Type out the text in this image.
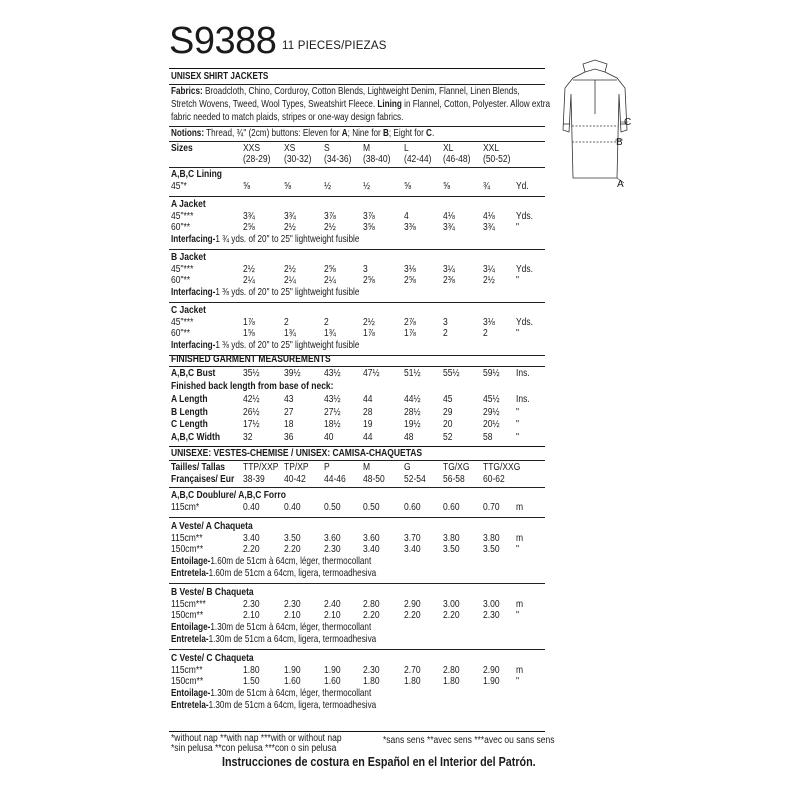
S9388 11 PIECES/PIEZAS
UNISEX SHIRT JACKETS
Fabrics: Broadcloth, Chino, Corduroy, Cotton Blends, Lightweight Denim, Flannel, Linen Blends,
Stretch Wovens, Tweed, Wool Types, Sweatshirt Fleece. Lining in Flannel, Cotton, Polyester. Allow extra
fabric needed to match plaids, stripes or one-way design fabrics.
Notions: Thread, ¾" (2cm) buttons: Eleven for A; Nine for B; Eight for C.
Sizes	XXS XS	S	M	L	XL	XXL
(28-29) (30-32) (34-36) (38-40) (42-44) (46-48) (50-52)
A,B,C Lining
45"*	⅝	⅝	½	½	⅝	⅝	¾	Yd.
A Jacket
45"***	3¾	3¾	3⅞	3⅞	4	4⅛	4⅛ Yds.
60"**	2⅝	2½	2½	3⅝	3⅜	3¾	3¾ "
Interfacing-1 ¾ yds. of 20" to 25" lightweight fusible
B Jacket
45"***	2½	2½	2⅝	3	3⅛	3¼	3¼ Yds.
60"**	2¼	2¼	2¼	2⅝	2⅝	2⅜	2½ "
Interfacing-1 ⅜ yds. of 20" to 25" lightweight fusible
C Jacket
45"***	1⅞	2	2	2½	2⅞	3	3⅛ Yds.
60"**	1⅝	1¾	1¾	1⅞	1⅞	2	2	"
Interfacing-1 ⅜ yds. of 20" to 25" lightweight fusible
FINISHED GARMENT MEASUREMENTS
A,B,C Bust	35½ 39½ 43½ 47½ 51½ 55½ 59½ Ins.
Finished back length from base of neck:
A Length	42½ 43	43½ 44	44½ 45	45½ Ins.
B Length	26½ 27	27½ 28	28½ 29	29½ "
C Length	17½ 18	18½ 19	19½ 20	20½ "
A,B,C Width 32	36	40	44	48	52	58 "
UNISEXE: VESTES-CHEMISE / UNISEX: CAMISA-CHAQUETAS
Tailles/ Tallas
Françaises/ Eur
TTP/XXP TP/XP P	M	G	TG/XG TTG/XXG
38-39 40-42 44-46 48-50 52-54 56-58 60-62
A,B,C Doublure/ A,B,C Forro
115cm*	0.40 0.40 0.50 0.50 0.60 0.60 0.70 m
A Veste/ A Chaqueta
115cm**	3.40 3.50 3.60 3.60 3.70 3.80 3.80 m
150cm**	2.20 2.20 2.30 3.40 3.40 3.50 3.50 "
Entoilage-1.60m de 51cm à 64cm, léger, thermocollant
Entretela-1.60m de 51cm a 64cm, ligera, termoadhesiva
B Veste/ B Chaqueta
115cm***	2.30 2.30 2.40 2.80 2.90 3.00 3.00 m
150cm**	2.10 2.10 2.10 2.20 2.20 2.20 2.30 "
Entoilage-1.30m de 51cm à 64cm, léger, thermocollant
Entretela-1.30m de 51cm a 64cm, ligera, termoadhesiva
C Veste/ C Chaqueta
115cm**	1.80 1.90 1.90 2.30 2.70 2.80 2.90 m
150cm**	1.50 1.60 1.60 1.80 1.80 1.80 1.90 "
Entoilage-1.30m de 51cm à 64cm, léger, thermocollant
Entretela-1.30m de 51cm a 64cm, ligera, termoadhesiva
*without nap **with nap ***with or without nap
*sin pelusa **con pelusa ***con o sin pelusa
*sans sens **avec sens ***avec ou sans sens
Instrucciones de costura en Español en el Interior del Patrón.
C
B
A
